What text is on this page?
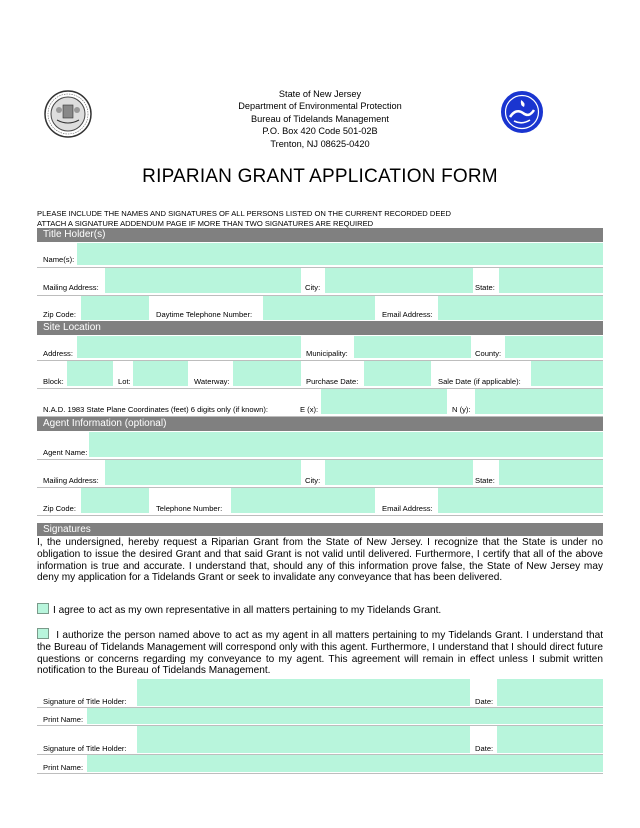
State of New Jersey
Department of Environmental Protection
Bureau of Tidelands Management
P.O. Box 420 Code 501-02B
Trenton, NJ 08625-0420
RIPARIAN GRANT APPLICATION FORM
PLEASE INCLUDE THE NAMES AND SIGNATURES OF ALL PERSONS LISTED ON THE CURRENT RECORDED DEED
ATTACH A SIGNATURE ADDENDUM PAGE IF MORE THAN TWO SIGNATURES ARE REQUIRED
Title Holder(s)
Name(s):
Mailing Address:	City:	State:
Zip Code:	Daytime Telephone Number:	Email Address:
Site Location
Address:	Municipality:	County:
Block:	Lot:	Waterway:	Purchase Date:	Sale Date (if applicable):
N.A.D. 1983 State Plane Coordinates (feet) 6 digits only (if known):	E (x):	N (y):
Agent Information (optional)
Agent Name:
Mailing Address:	City:	State:
Zip Code:	Telephone Number:	Email Address:
Signatures
I, the undersigned, hereby request a Riparian Grant from the State of New Jersey. I recognize that the State is under no obligation to issue the desired Grant and that said Grant is not valid until delivered. Furthermore, I certify that all of the above information is true and accurate. I understand that, should any of this information prove false, the State of New Jersey may deny my application for a Tidelands Grant or seek to invalidate any conveyance that has been delivered.
I agree to act as my own representative in all matters pertaining to my Tidelands Grant.
I authorize the person named above to act as my agent in all matters pertaining to my Tidelands Grant. I understand that the Bureau of Tidelands Management will correspond only with this agent. Furthermore, I understand that I should direct future questions or concerns regarding my conveyance to my agent. This agreement will remain in effect unless I submit written notification to the Bureau of Tidelands Management.
Signature of Title Holder:	Date:
Print Name:
Signature of Title Holder:	Date:
Print Name:
